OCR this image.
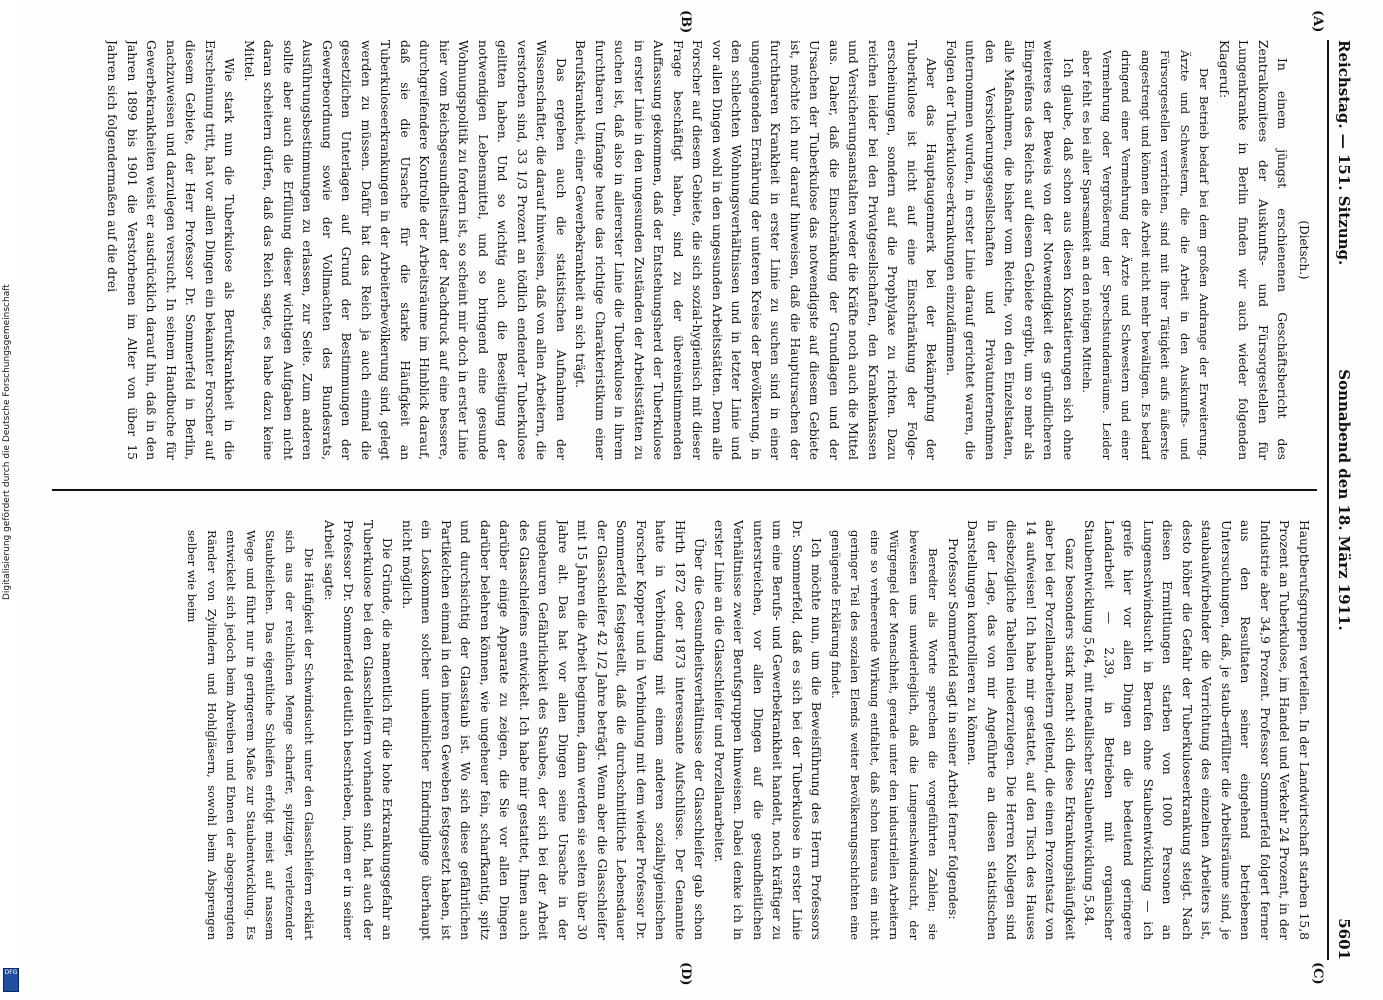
Digitalisierung gefördert durch die Deutsche Forschungsgemeinschaft
DFG
Reichstag. — 151. Sitzung.
Sonnabend den 18. März 1911.
5601
(A)
(B)
(C)
(D)
(Dietsch.)

In einem jüngst erschienenen Geschäftsbericht des Zentralkomitees der Auskunfts- und Fürsorgestellen für Lungenkranke in Berlin finden wir auch wieder folgenden Klageruf:

Der Betrieb bedarf bei dem großen Andrange der Erweiterung. Ärzte und Schwestern, die die Arbeit in den Auskunfts- und Fürsorgestellen verrichten, sind mit ihrer Tätigkeit aufs äußerste angestrengt und können die Arbeit nicht mehr bewältigen. Es bedarf dringend einer Vermehrung der Ärzte und Schwestern und einer Vermehrung oder Vergrößerung der Sprechstundenräume. Leider aber fehlt es bei aller Sparsamkeit an den nötigen Mitteln.

Ich glaube, daß schon aus diesen Konstatierungen sich ohne weiteres der Beweis von der Notwendigkeit des gründlicheren Eingreifens des Reichs auf diesem Gebiete ergibt, um so mehr als alle Maßnahmen, die bisher vom Reiche, von den Einzelstaaten, den Versicherungsgesellschaften und Privatunternehmen unternommen wurden, in erster Linie darauf gerichtet waren, die Folgen der Tuberkulose-erkrankungen einzudämmen.

Aber das Hauptaugenmerk bei der Bekämpfung der Tuberkulose ist nicht auf eine Einschränkung der Folge-erscheinungen, sondern auf die Prophylaxe zu richten. Dazu reichen leider bei den Privatgesellschaften, den Krankenkassen und Versicherungsanstalten weder die Kräfte noch auch die Mittel aus. Daher, daß die Einschränkung der Grundlagen und der Ursachen der Tuberkulose das notwendigste auf diesem Gebiete ist, möchte ich nur darauf hinweisen, daß die Hauptursachen der furchtbaren Krankheit in erster Linie zu suchen sind in einer ungenügenden Ernährung der unteren Kreise der Bevölkerung, in den schlechten Wohnungsverhältnissen und in letzter Linie und vor allen Dingen wohl in den ungesunden Arbeitsstätten. Denn alle Forscher auf diesem Gebiete, die sich sozial-hygienisch mit dieser Frage beschäftigt haben, sind zu der übereinstimmenden Auffassung gekommen, daß der Entstehungsherd der Tuberkulose in erster Linie in den ungesunden Zuständen der Arbeitsstätten zu suchen ist, daß also in allererster Linie die Tuberkulose in ihrem furchtbaren Umfange heute das richtige Charakteristikum einer Berufskrankheit, einer Gewerbekrankheit an sich trägt.

Das ergeben auch die statistischen Aufnahmen der Wissenschaftler, die darauf hinweisen, daß von allen Arbeitern, die verstorben sind, 33 1/3 Prozent an tödlich endender Tuberkulose gelitten haben. Und so wichtig auch die Beseitigung der notwendigen Lebensmittel, und so bringend eine gesunde Wohnungspolitik zu fordern ist, so scheint mir doch in erster Linie hier vom Reichsgesundheitsamt der Nachdruck auf eine bessere, durchgreifendere Kontrolle der Arbeitsräume im Hinblick darauf, daß sie die Ursache für die starke Häufigkeit an Tuberkuloseerkrankungen in der Arbeiterbevölkerung sind, gelegt werden zu müssen. Dafür hat das Reich ja auch einmal die gesetzlichen Unterlagen auf Grund der Bestimmungen der Gewerbeordnung sowie der Vollmachten des Bundesrats, Ausführungsbestimmungen zu erlassen, zur Seite. Zum anderen sollte aber auch die Erfüllung dieser wichtigen Aufgaben nicht daran scheitern dürfen, daß das Reich sagte, es habe dazu keine Mittel.

Wie stark nun die Tuberkulose als Berufskrankheit in die Erscheinung tritt, hat vor allen Dingen ein bekannter Forscher auf diesem Gebiete, der Herr Professor Dr. Sommerfeld in Berlin, nachzuweisen und darzulegen versucht. In seinem Handbuche für Gewerbekrankheiten weist er ausdrücklich darauf hin, daß in den Jahren 1899 bis 1901 die Verstorbenen im Alter von über 15 Jahren sich folgendermaßen auf die drei

Hauptberufsgruppen verteilen. In der Landwirtschaft starben 15,8 Prozent an Tuberkulose, im Handel und Verkehr 24 Prozent, in der Industrie aber 34,9 Prozent. Professor Sommerfeld folgert ferner aus den Resultaten seiner eingehend betriebenen Untersuchungen, daß, je staub-erfüllter die Arbeitsräume sind, je staubaufwirbelnder die Verrichtung des einzelnen Arbeiters ist, desto höher die Gefahr der Tuberkuloseerkrankung steigt. Nach diesen Ermittlungen starben von 1000 Personen an Lungenschwindsucht in Berufen ohne Staubentwicklung — ich greife hier vor allen Dingen an die bedeutend geringere Landarbeit — 2,39, in Betrieben mit organischer Staubentwicklung 5,64, mit metallischer Staubentwicklung 5,84.

Ganz besonders stark macht sich diese Erkrankungshäufigkeit aber bei der Porzellanarbeitern geltend, die einen Prozentsatz von 14 aufweisen! Ich habe mir gestattet, auf den Tisch des Hauses diesbezügliche Tabellen niederzulegen. Die Herren Kollegen sind in der Lage, das von mir Angeführte an diesen statistischen Darstellungen kontrollieren zu können.

Professor Sommerfeld sagt in seiner Arbeit ferner folgendes:

Beredter als Worte sprechen die vorgeführten Zahlen; sie beweisen uns unwiderleglich, daß die Lungenschwindsucht, der Würgengel der Menschheit, gerade unter den industriellen Arbeitern eine so verheerende Wirkung entfaltet, daß schon hieraus ein nicht geringer Teil des sozialen Elends weiter Bevölkerungsschichten eine genügende Erklärung findet.

Ich möchte nun, um die Beweisführung des Herrn Professors Dr. Sommerfeld, daß es sich bei der Tuberkulose in erster Linie um eine Berufs- und Gewerbekrankheit handelt, noch kräftiger zu unterstreichen, vor allen Dingen auf die gesundheitlichen Verhältnisse zweier Berufsgruppen hinweisen. Dabei denke ich in erster Linie an die Glasschleifer und Porzellanarbeiter.

Über die Gesundheitsverhältnisse der Glasschleifer gab schon Hirth 1872 oder 1873 interessante Aufschlüsse. Der Genannte hatte in Verbindung mit einem anderen sozialhygienischen Forscher Kopper und in Verbindung mit dem wieder Professor Dr. Sommerfeld festgestellt, daß die durchschnittliche Lebensdauer der Glasschleifer 42 1/2 Jahre beträgt. Wenn aber die Glasschleifer mit 15 Jahren die Arbeit beginnen, dann werden sie selten über 30 Jahre alt. Das hat vor allen Dingen seine Ursache in der ungeheuren Gefährlichkeit des Staubes, der sich bei der Arbeit des Glasschleifens entwickelt. Ich habe mir gestattet, Ihnen auch darüber einige Apparate zu zeigen, die Sie vor allen Dingen darüber belehren können, wie ungeheuer fein, scharfkantig, spitz und durchsichtig der Glasstaub ist. Wo sich diese gefährlichen Partikelchen einmal in den inneren Geweben festgesetzt haben, ist ein Loskommen solcher unheimlicher Eindringlinge überhaupt nicht möglich.

Die Gründe, die namentlich für die hohe Erkrankungsgefahr an Tuberkulose bei den Glasschleifern vorhanden sind, hat auch der Professor Dr. Sommerfeld deutlich beschrieben, indem er in seiner Arbeit sagte:

Die Häufigkeit der Schwindsucht unter den Glasschleifern erklärt sich aus der reichlichen Menge scharfer, spitziger, verletzender Staubteilchen. Das eigentliche Schleifen erfolgt meist auf nassem Wege und führt nur in geringerem Maße zur Staubentwicklung. Es entwickelt sich jedoch beim Abreiben und Ebnen der abgesprengten Ränder von Zylindern und Hohlgläsern, sowohl beim Absprengen selber wie beim
